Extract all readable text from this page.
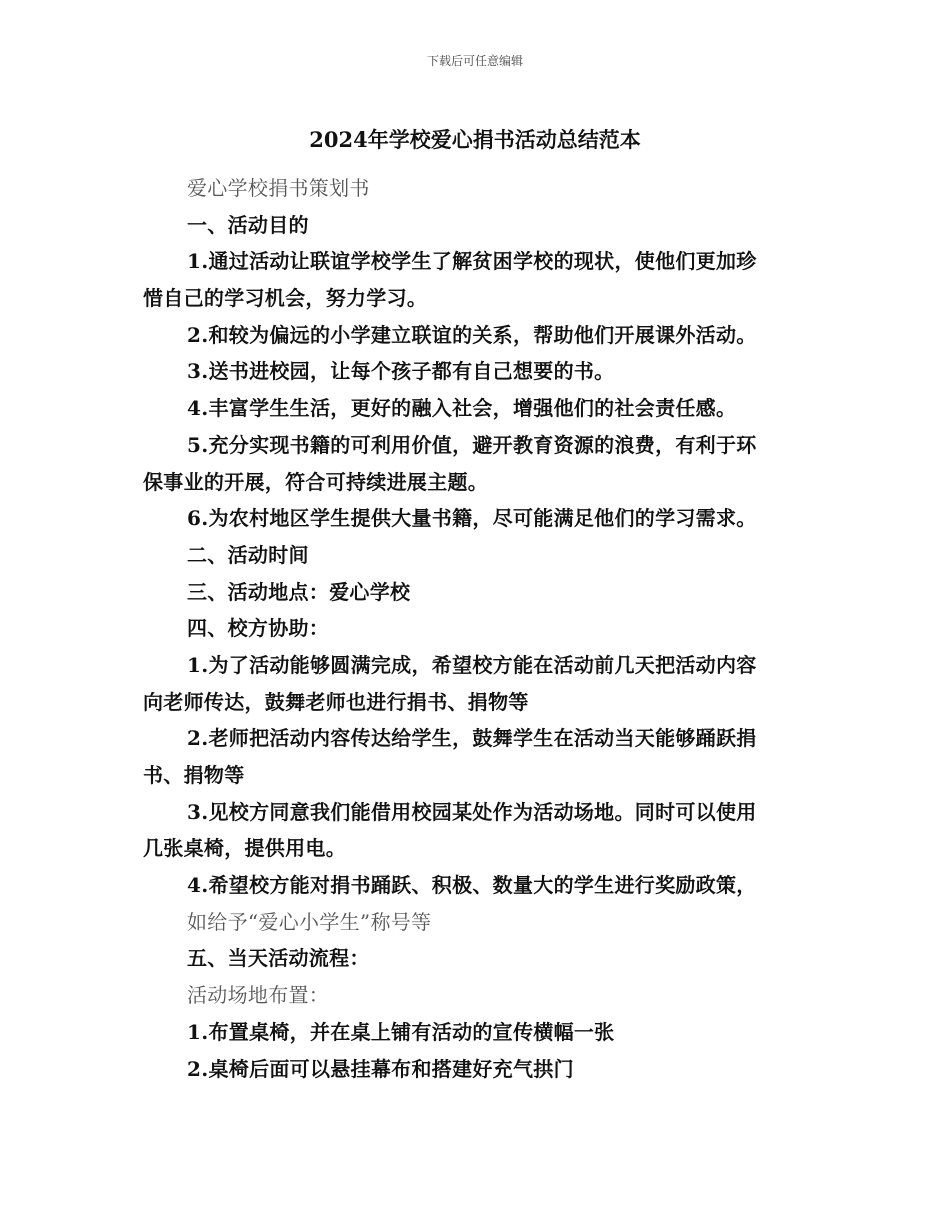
下载后可任意编辑
2024年学校爱心捐书活动总结范本
爱心学校捐书策划书
一、活动目的
1.通过活动让联谊学校学生了解贫困学校的现状，使他们更加珍
惜自己的学习机会，努力学习。
2.和较为偏远的小学建立联谊的关系，帮助他们开展课外活动。
3.送书进校园，让每个孩子都有自己想要的书。
4.丰富学生生活，更好的融入社会，增强他们的社会责任感。
5.充分实现书籍的可利用价值，避开教育资源的浪费，有利于环
保事业的开展，符合可持续进展主题。
6.为农村地区学生提供大量书籍，尽可能满足他们的学习需求。
二、活动时间
三、活动地点：爱心学校
四、校方协助：
1.为了活动能够圆满完成，希望校方能在活动前几天把活动内容
向老师传达，鼓舞老师也进行捐书、捐物等
2.老师把活动内容传达给学生，鼓舞学生在活动当天能够踊跃捐
书、捐物等
3.见校方同意我们能借用校园某处作为活动场地。同时可以使用
几张桌椅，提供用电。
4.希望校方能对捐书踊跃、积极、数量大的学生进行奖励政策，
如给予“爱心小学生”称号等
五、当天活动流程：
活动场地布置：
1.布置桌椅，并在桌上铺有活动的宣传横幅一张
2.桌椅后面可以悬挂幕布和搭建好充气拱门
